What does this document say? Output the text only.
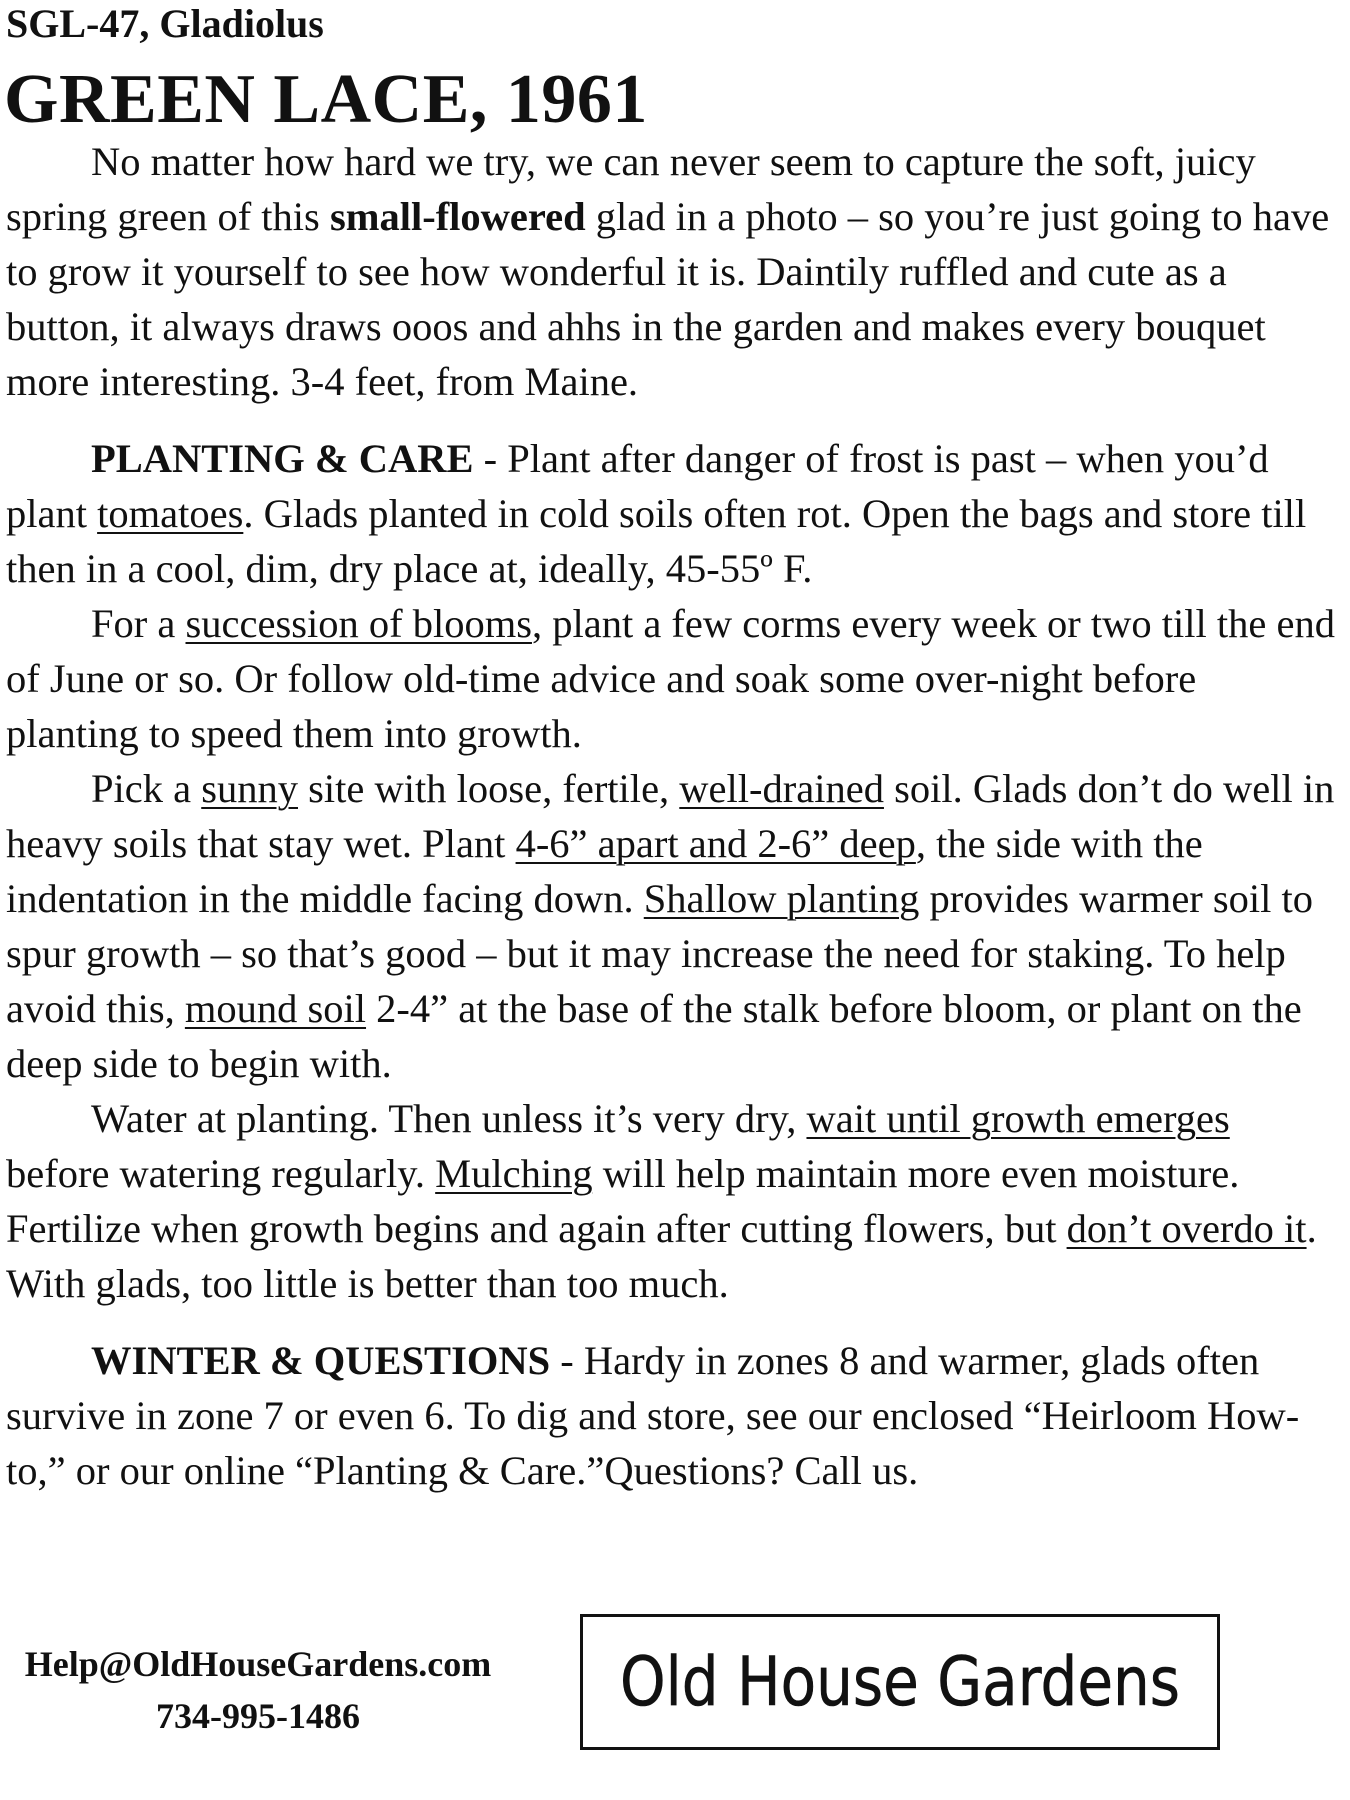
SGL-47, Gladiolus
GREEN LACE, 1961

No matter how hard we try, we can never seem to capture the soft, juicy spring green of this small-flowered glad in a photo – so you’re just going to have to grow it yourself to see how wonderful it is. Daintily ruffled and cute as a button, it always draws ooos and ahhs in the garden and makes every bouquet more interesting. 3-4 feet, from Maine.

PLANTING & CARE - Plant after danger of frost is past – when you’d plant tomatoes. Glads planted in cold soils often rot. Open the bags and store till then in a cool, dim, dry place at, ideally, 45-55º F.

For a succession of blooms, plant a few corms every week or two till the end of June or so. Or follow old-time advice and soak some over-night before planting to speed them into growth.

Pick a sunny site with loose, fertile, well-drained soil. Glads don’t do well in heavy soils that stay wet. Plant 4-6” apart and 2-6” deep, the side with the indentation in the middle facing down. Shallow planting provides warmer soil to spur growth – so that’s good – but it may increase the need for staking. To help avoid this, mound soil 2-4” at the base of the stalk before bloom, or plant on the deep side to begin with.

Water at planting. Then unless it’s very dry, wait until growth emerges before watering regularly. Mulching will help maintain more even moisture. Fertilize when growth begins and again after cutting flowers, but don’t overdo it. With glads, too little is better than too much.

WINTER & QUESTIONS - Hardy in zones 8 and warmer, glads often survive in zone 7 or even 6. To dig and store, see our enclosed “Heirloom How-to,” or our online “Planting & Care.”Questions? Call us.

Help@OldHouseGardens.com
734-995-1486	Old House Gardens
